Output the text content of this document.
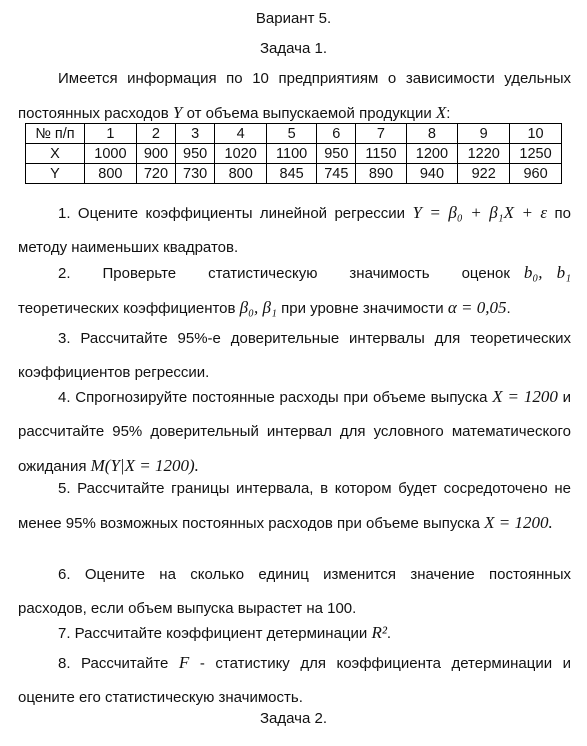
Вариант 5.
Задача 1.
Имеется информация по 10 предприятиям о зависимости удельных постоянных расходов Y от объема выпускаемой продукции X:
№ п/п	1	2	3	4	5	6	7	8	9	10
X	1000	900	950	1020	1100	950	1150	1200	1220	1250
Y	800	720	730	800	845	745	890	940	922	960
1. Оцените коэффициенты линейной регрессии Y = β₀ + β₁X + ε по методу наименьших квадратов.
2. Проверьте статистическую значимость оценок b₀, b₁ теоретических коэффициентов β₀, β₁ при уровне значимости α = 0,05.
3. Рассчитайте 95%-е доверительные интервалы для теоретических коэффициентов регрессии.
4. Спрогнозируйте постоянные расходы при объеме выпуска X = 1200 и рассчитайте 95% доверительный интервал для условного математического ожидания M(Y|X = 1200).
5. Рассчитайте границы интервала, в котором будет сосредоточено не менее 95% возможных постоянных расходов при объеме выпуска X = 1200.
6. Оцените на сколько единиц изменится значение постоянных расходов, если объем выпуска вырастет на 100.
7. Рассчитайте коэффициент детерминации R².
8. Рассчитайте F - статистику для коэффициента детерминации и оцените его статистическую значимость.
Задача 2.
